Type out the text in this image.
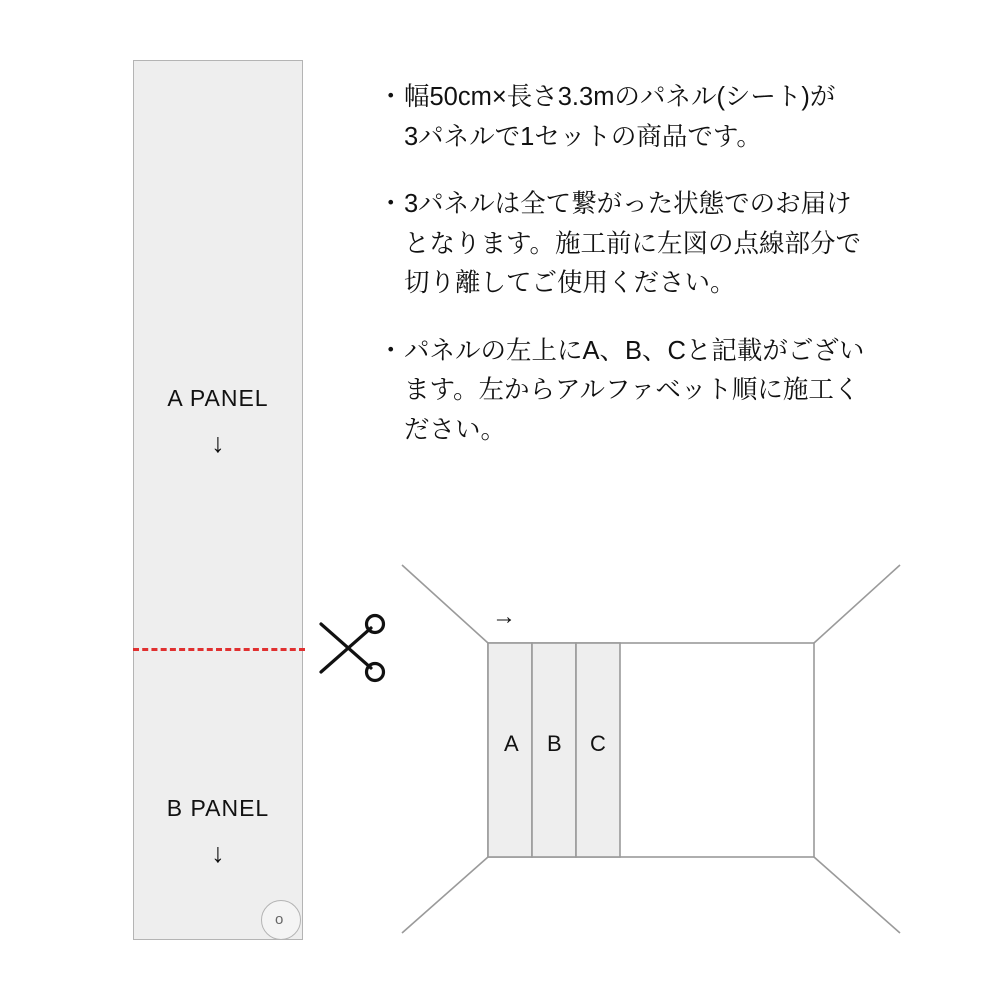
A PANEL
↓
B PANEL
↓
o
・ 幅50cm×長さ3.3mのパネル(シート)が
3パネルで1セットの商品です。
・ 3パネルは全て繋がった状態でのお届け
となります。施工前に左図の点線部分で
切り離してご使用ください。
・ パネルの左上にA、B、Cと記載がござい
ます。左からアルファベット順に施工く
ださい。
→
A B C
